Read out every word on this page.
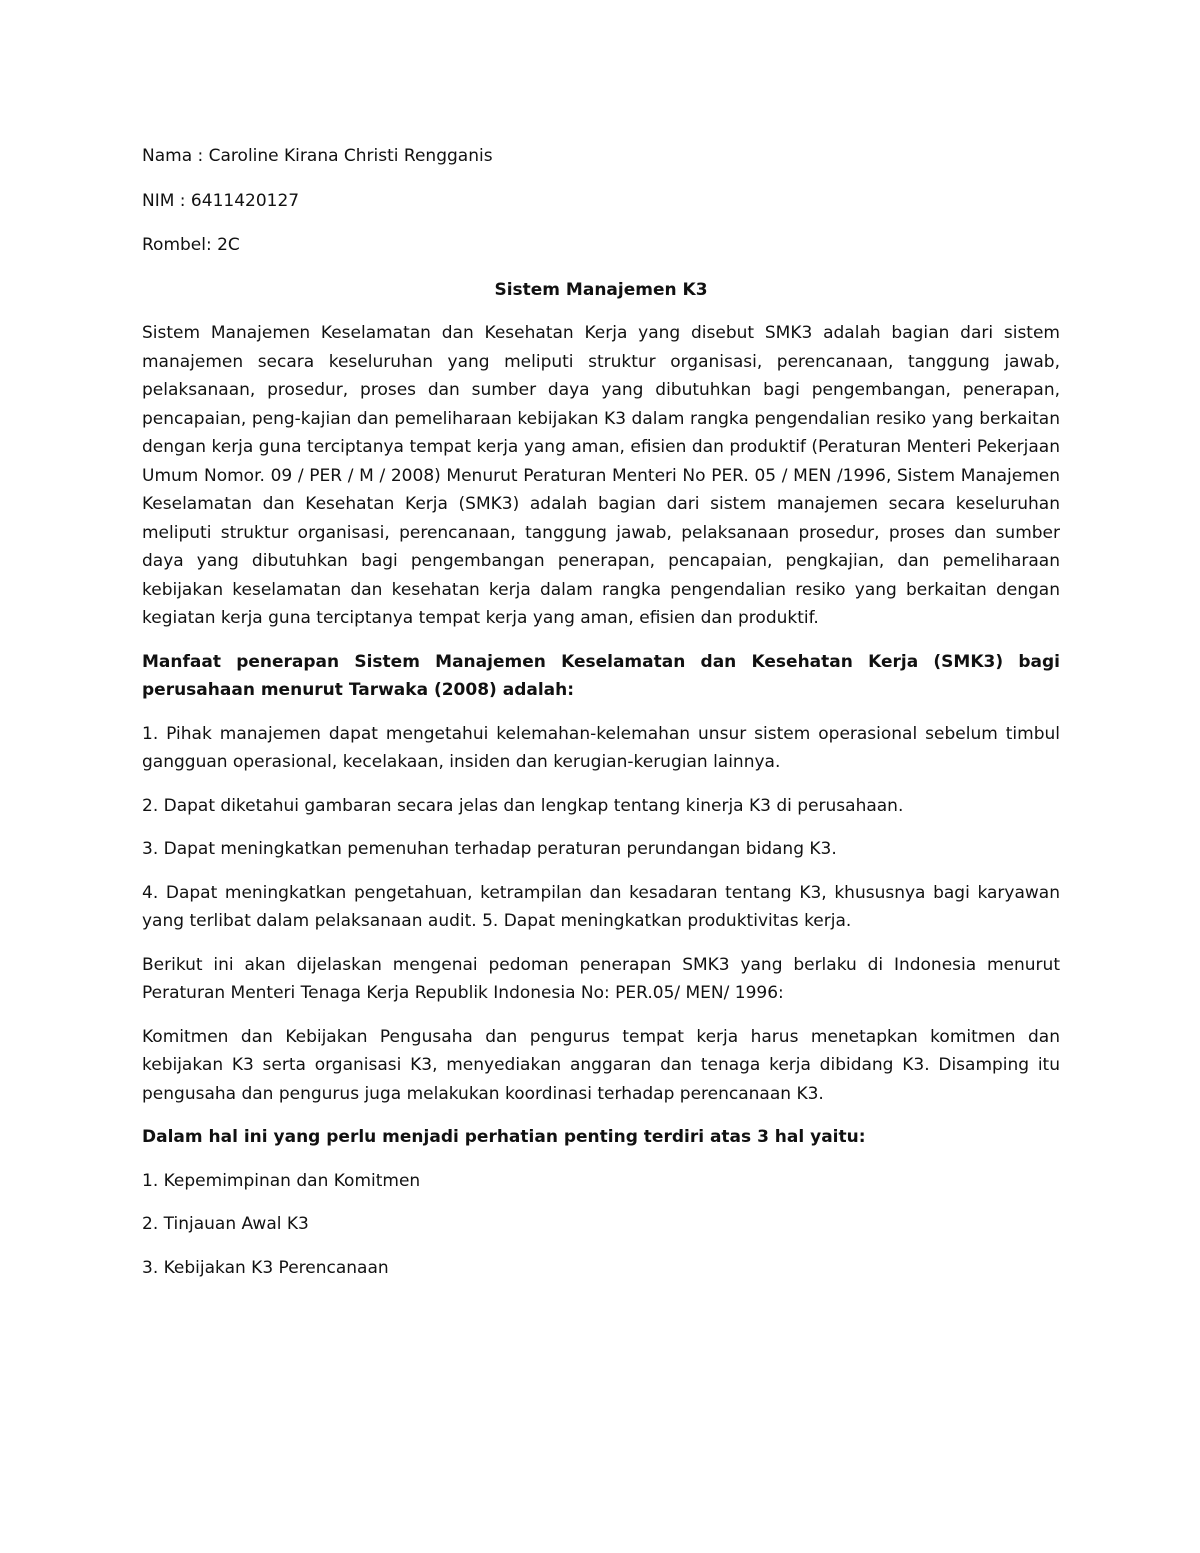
Nama : Caroline Kirana Christi Rengganis

NIM : 6411420127

Rombel: 2C

Sistem Manajemen K3

Sistem Manajemen Keselamatan dan Kesehatan Kerja yang disebut SMK3 adalah bagian dari sistem manajemen secara keseluruhan yang meliputi struktur organisasi, perencanaan, tanggung jawab, pelaksanaan, prosedur, proses dan sumber daya yang dibutuhkan bagi pengembangan, penerapan, pencapaian, peng-kajian dan pemeliharaan kebijakan K3 dalam rangka pengendalian resiko yang berkaitan dengan kerja guna terciptanya tempat kerja yang aman, efisien dan produktif (Peraturan Menteri Pekerjaan Umum Nomor. 09 / PER / M / 2008) Menurut Peraturan Menteri No PER. 05 / MEN /1996, Sistem Manajemen Keselamatan dan Kesehatan Kerja (SMK3) adalah bagian dari sistem manajemen secara keseluruhan meliputi struktur organisasi, perencanaan, tanggung jawab, pelaksanaan prosedur, proses dan sumber daya yang dibutuhkan bagi pengembangan penerapan, pencapaian, pengkajian, dan pemeliharaan kebijakan keselamatan dan kesehatan kerja dalam rangka pengendalian resiko yang berkaitan dengan kegiatan kerja guna terciptanya tempat kerja yang aman, efisien dan produktif.

Manfaat penerapan Sistem Manajemen Keselamatan dan Kesehatan Kerja (SMK3) bagi perusahaan menurut Tarwaka (2008) adalah:

1. Pihak manajemen dapat mengetahui kelemahan-kelemahan unsur sistem operasional sebelum timbul gangguan operasional, kecelakaan, insiden dan kerugian-kerugian lainnya.

2. Dapat diketahui gambaran secara jelas dan lengkap tentang kinerja K3 di perusahaan.

3. Dapat meningkatkan pemenuhan terhadap peraturan perundangan bidang K3.

4. Dapat meningkatkan pengetahuan, ketrampilan dan kesadaran tentang K3, khususnya bagi karyawan yang terlibat dalam pelaksanaan audit. 5. Dapat meningkatkan produktivitas kerja.

Berikut ini akan dijelaskan mengenai pedoman penerapan SMK3 yang berlaku di Indonesia menurut Peraturan Menteri Tenaga Kerja Republik Indonesia No: PER.05/ MEN/ 1996:

Komitmen dan Kebijakan Pengusaha dan pengurus tempat kerja harus menetapkan komitmen dan kebijakan K3 serta organisasi K3, menyediakan anggaran dan tenaga kerja dibidang K3. Disamping itu pengusaha dan pengurus juga melakukan koordinasi terhadap perencanaan K3.

Dalam hal ini yang perlu menjadi perhatian penting terdiri atas 3 hal yaitu:

1. Kepemimpinan dan Komitmen

2. Tinjauan Awal K3

3. Kebijakan K3 Perencanaan
